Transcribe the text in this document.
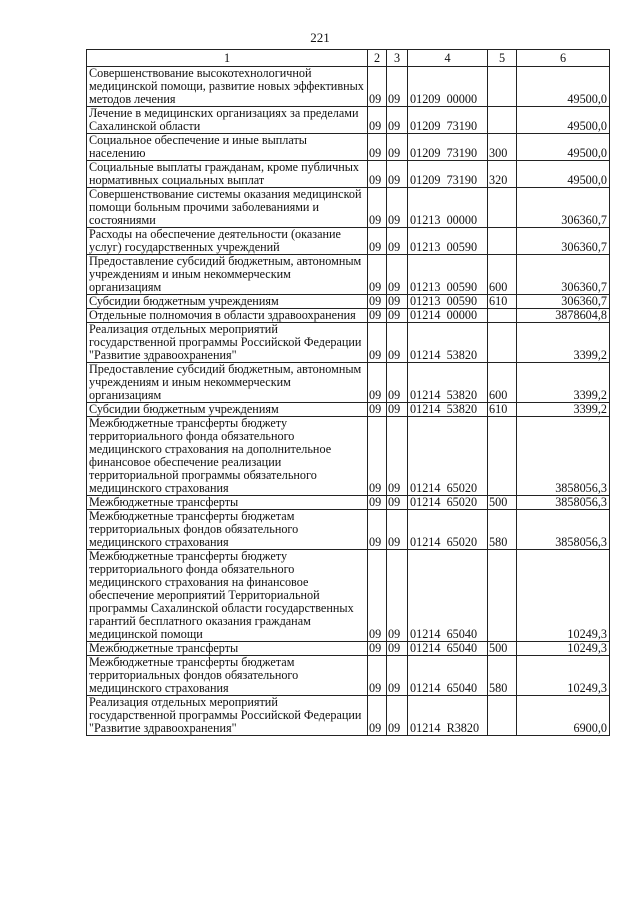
221
1	2	3	4	5	6
Совершенствование высокотехнологичной медицинской помощи, развитие новых эффективных методов лечения	09	09	01209  00000		49500,0
Лечение в медицинских организациях за пределами Сахалинской области	09	09	01209  73190		49500,0
Социальное обеспечение и иные выплаты населению	09	09	01209  73190	300	49500,0
Социальные выплаты гражданам, кроме публичных нормативных социальных выплат	09	09	01209  73190	320	49500,0
Совершенствование системы оказания медицинской помощи больным прочими заболеваниями и состояниями	09	09	01213  00000		306360,7
Расходы на обеспечение деятельности (оказание услуг) государственных учреждений	09	09	01213  00590		306360,7
Предоставление субсидий бюджетным, автономным учреждениям и иным некоммерческим организациям	09	09	01213  00590	600	306360,7
Субсидии бюджетным учреждениям	09	09	01213  00590	610	306360,7
Отдельные полномочия в области здравоохранения	09	09	01214  00000		3878604,8
Реализация отдельных мероприятий государственной программы Российской Федерации "Развитие здравоохранения"	09	09	01214  53820		3399,2
Предоставление субсидий бюджетным, автономным учреждениям и иным некоммерческим организациям	09	09	01214  53820	600	3399,2
Субсидии бюджетным учреждениям	09	09	01214  53820	610	3399,2
Межбюджетные трансферты бюджету территориального фонда обязательного медицинского страхования на дополнительное финансовое обеспечение реализации территориальной программы обязательного медицинского страхования	09	09	01214  65020		3858056,3
Межбюджетные трансферты	09	09	01214  65020	500	3858056,3
Межбюджетные трансферты бюджетам территориальных фондов обязательного медицинского страхования	09	09	01214  65020	580	3858056,3
Межбюджетные трансферты бюджету территориального фонда обязательного медицинского страхования на финансовое обеспечение мероприятий Территориальной программы Сахалинской области государственных гарантий бесплатного оказания гражданам медицинской помощи	09	09	01214  65040		10249,3
Межбюджетные трансферты	09	09	01214  65040	500	10249,3
Межбюджетные трансферты бюджетам территориальных фондов обязательного медицинского страхования	09	09	01214  65040	580	10249,3
Реализация отдельных мероприятий государственной программы Российской Федерации "Развитие здравоохранения"	09	09	01214  R3820		6900,0
